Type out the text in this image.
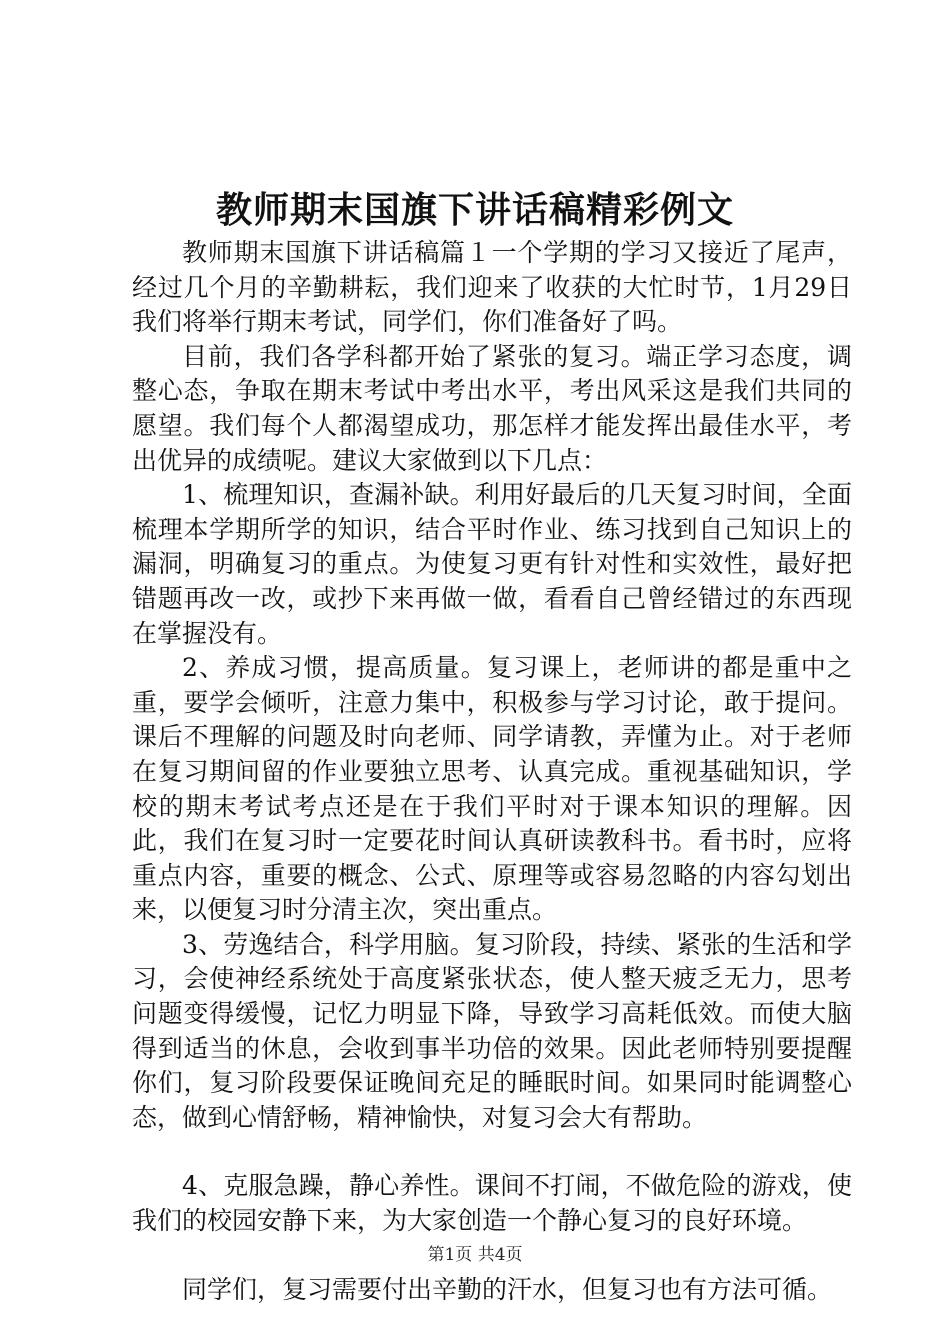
教师期末国旗下讲话稿精彩例文

教师期末国旗下讲话稿篇１一个学期的学习又接近了尾声，经过几个月的辛勤耕耘，我们迎来了收获的大忙时节，1月29日我们将举行期末考试，同学们，你们准备好了吗。

目前，我们各学科都开始了紧张的复习。端正学习态度，调整心态，争取在期末考试中考出水平，考出风采这是我们共同的愿望。我们每个人都渴望成功，那怎样才能发挥出最佳水平，考出优异的成绩呢。建议大家做到以下几点：

1、梳理知识，查漏补缺。利用好最后的几天复习时间，全面梳理本学期所学的知识，结合平时作业、练习找到自己知识上的漏洞，明确复习的重点。为使复习更有针对性和实效性，最好把错题再改一改，或抄下来再做一做，看看自己曾经错过的东西现在掌握没有。

2、养成习惯，提高质量。复习课上，老师讲的都是重中之重，要学会倾听，注意力集中，积极参与学习讨论，敢于提问。课后不理解的问题及时向老师、同学请教，弄懂为止。对于老师在复习期间留的作业要独立思考、认真完成。重视基础知识，学校的期末考试考点还是在于我们平时对于课本知识的理解。因此，我们在复习时一定要花时间认真研读教科书。看书时，应将重点内容，重要的概念、公式、原理等或容易忽略的内容勾划出来，以便复习时分清主次，突出重点。

3、劳逸结合，科学用脑。复习阶段，持续、紧张的生活和学习，会使神经系统处于高度紧张状态，使人整天疲乏无力，思考问题变得缓慢，记忆力明显下降，导致学习高耗低效。而使大脑得到适当的休息，会收到事半功倍的效果。因此老师特别要提醒你们，复习阶段要保证晚间充足的睡眠时间。如果同时能调整心态，做到心情舒畅，精神愉快，对复习会大有帮助。

4、克服急躁，静心养性。课间不打闹，不做危险的游戏，使我们的校园安静下来，为大家创造一个静心复习的良好环境。

同学们，复习需要付出辛勤的汗水，但复习也有方法可循。

第1页 共4页
